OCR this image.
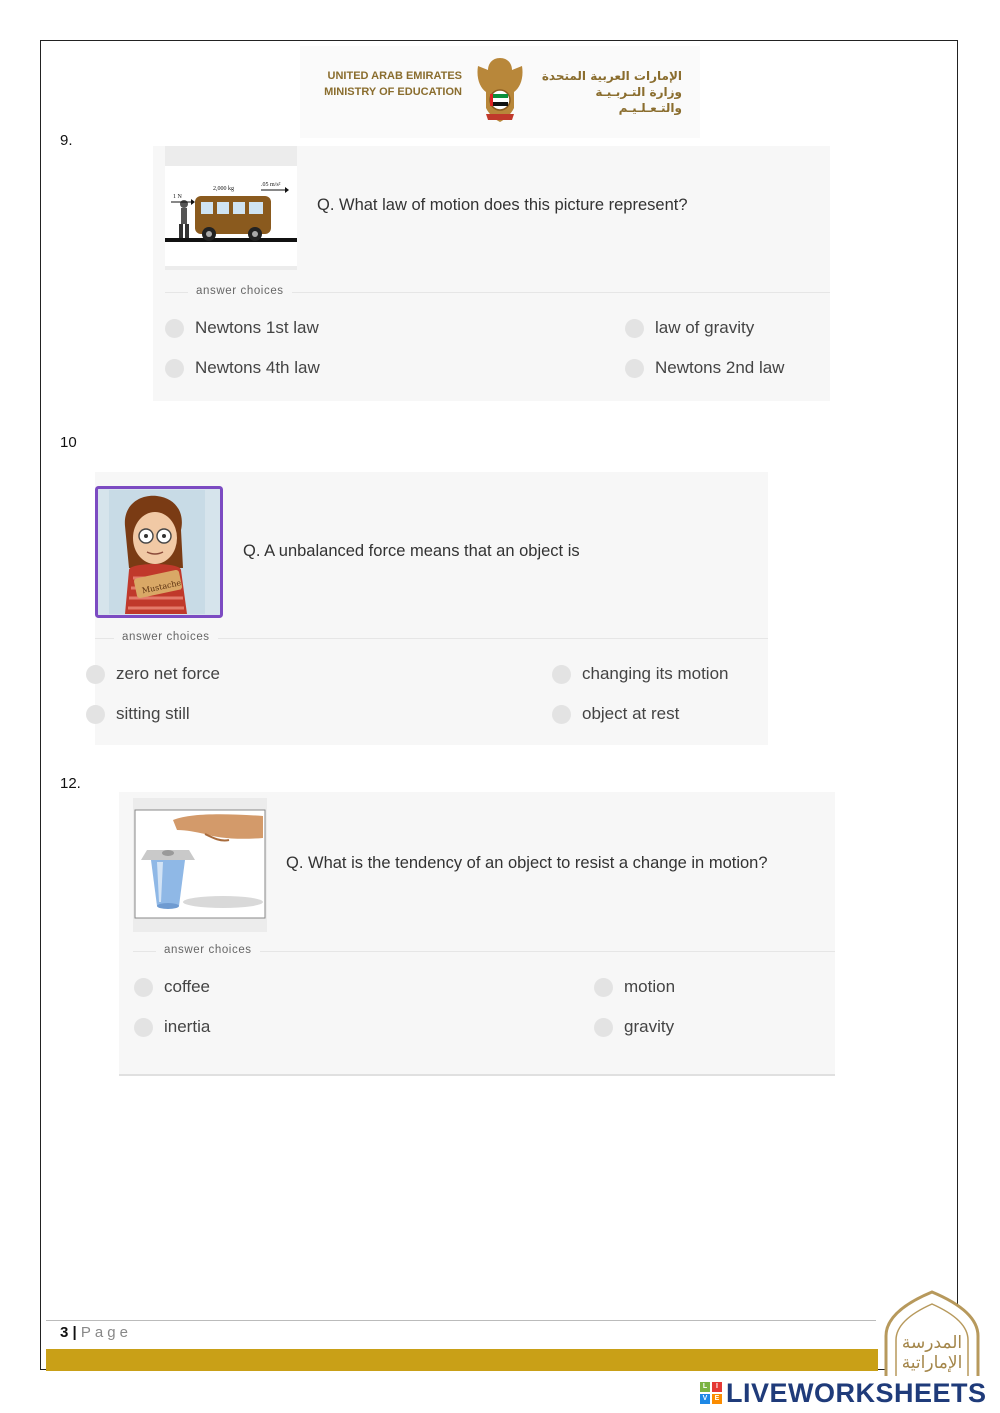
UNITED ARAB EMIRATES
MINISTRY OF EDUCATION
الإمارات العربية المتحدة
وزارة التـربـيـة والتـعـلـيـم
9.
1 N
2,000 kg
.05 m/s²
Q. What law of motion does this picture represent?
answer choices
Newtons 1st law	law of gravity
Newtons 4th law	Newtons 2nd law
10
Mustache
Q. A unbalanced force means that an object is
answer choices
zero net force	changing its motion
sitting still	object at rest
12.
Q. What is the tendency of an object to resist a change in motion?
answer choices
coffee	motion
inertia	gravity
3 | Page
المدرسة
الإماراتية
L	I
V	E LIVEWORKSHEETS
